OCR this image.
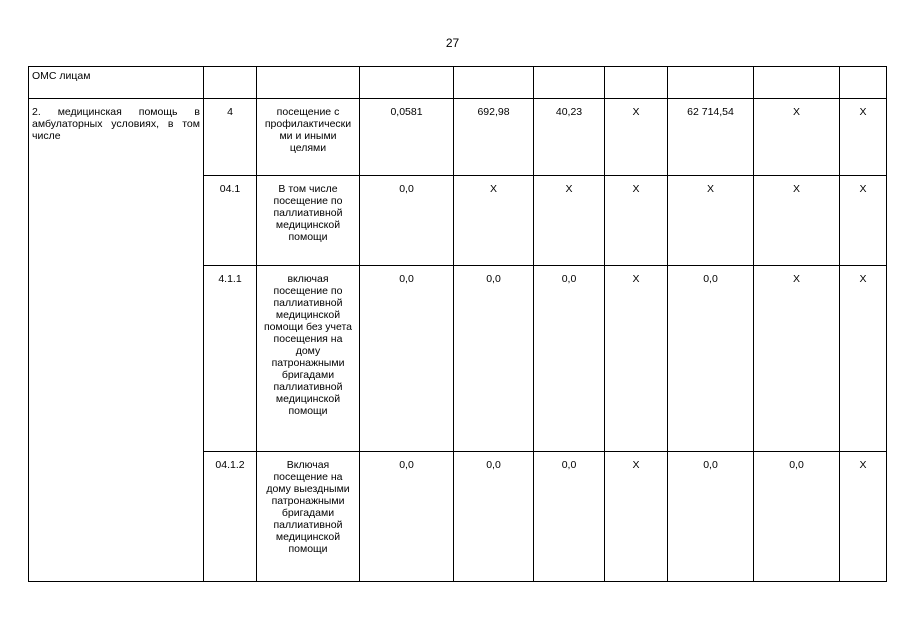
27
ОМС лицам									
2. медицинская помощь в амбулаторных условиях, в том числе	4	посещение с профилактически ми и иными целями	0,0581	692,98	40,23	X	62 714,54	X	X
	04.1	В том числе посещение по паллиативной медицинской помощи	0,0	X	X	X	X	X	X
	4.1.1	включая посещение по паллиативной медицинской помощи без учета посещения на дому патронажными бригадами паллиативной медицинской помощи	0,0	0,0	0,0	X	0,0	X	X
	04.1.2	Включая посещение на дому выездными патронажными бригадами паллиативной медицинской помощи	0,0	0,0	0,0	X	0,0	0,0	X
